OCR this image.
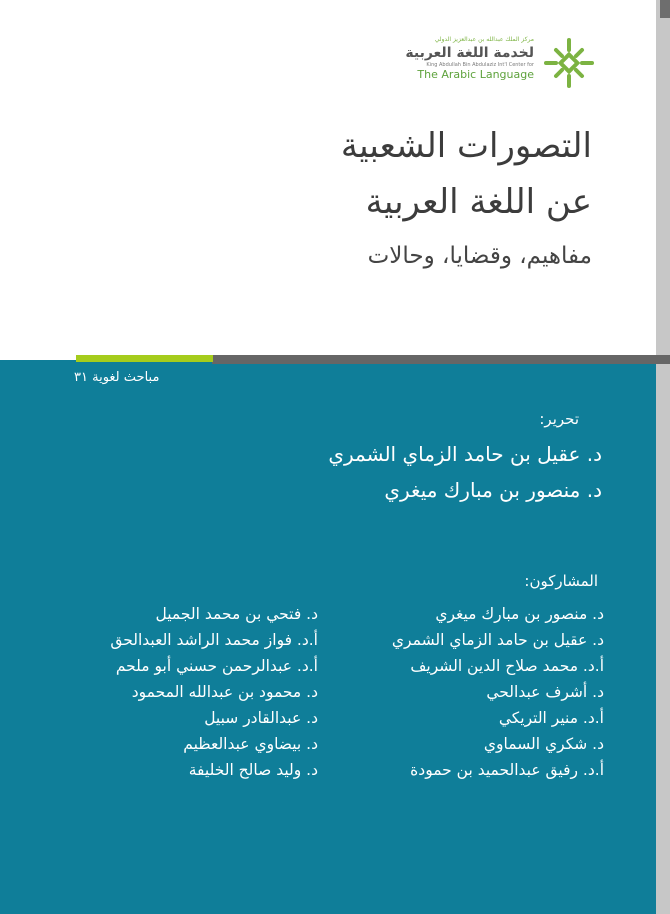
مركز الملك عبدالله بن عبدالعزيز الدولي
لخدمة اللغة العربية
King Abdullah Bin Abdulaziz Int'l Center for
The Arabic Language
التصورات الشعبية
عن اللغة العربية
مفاهيم، وقضايا، وحالات
مباحث لغوية ٣١
تحرير:
د. عقيل بن حامد الزماي الشمري
د. منصور بن مبارك ميغري
المشاركون:
د. منصور بن مبارك ميغري
د. عقيل بن حامد الزماي الشمري
أ.د. محمد صلاح الدين الشريف
د. أشرف عبدالحي
أ.د. منير التريكي
د. شكري السماوي
أ.د. رفيق عبدالحميد بن حمودة
د. فتحي بن محمد الجميل
أ.د. فواز محمد الراشد العبدالحق
أ.د. عبدالرحمن حسني أبو ملحم
د. محمود بن عبدالله المحمود
د. عبدالقادر سبيل
د. بيضاوي عبدالعظيم
د. وليد صالح الخليفة
